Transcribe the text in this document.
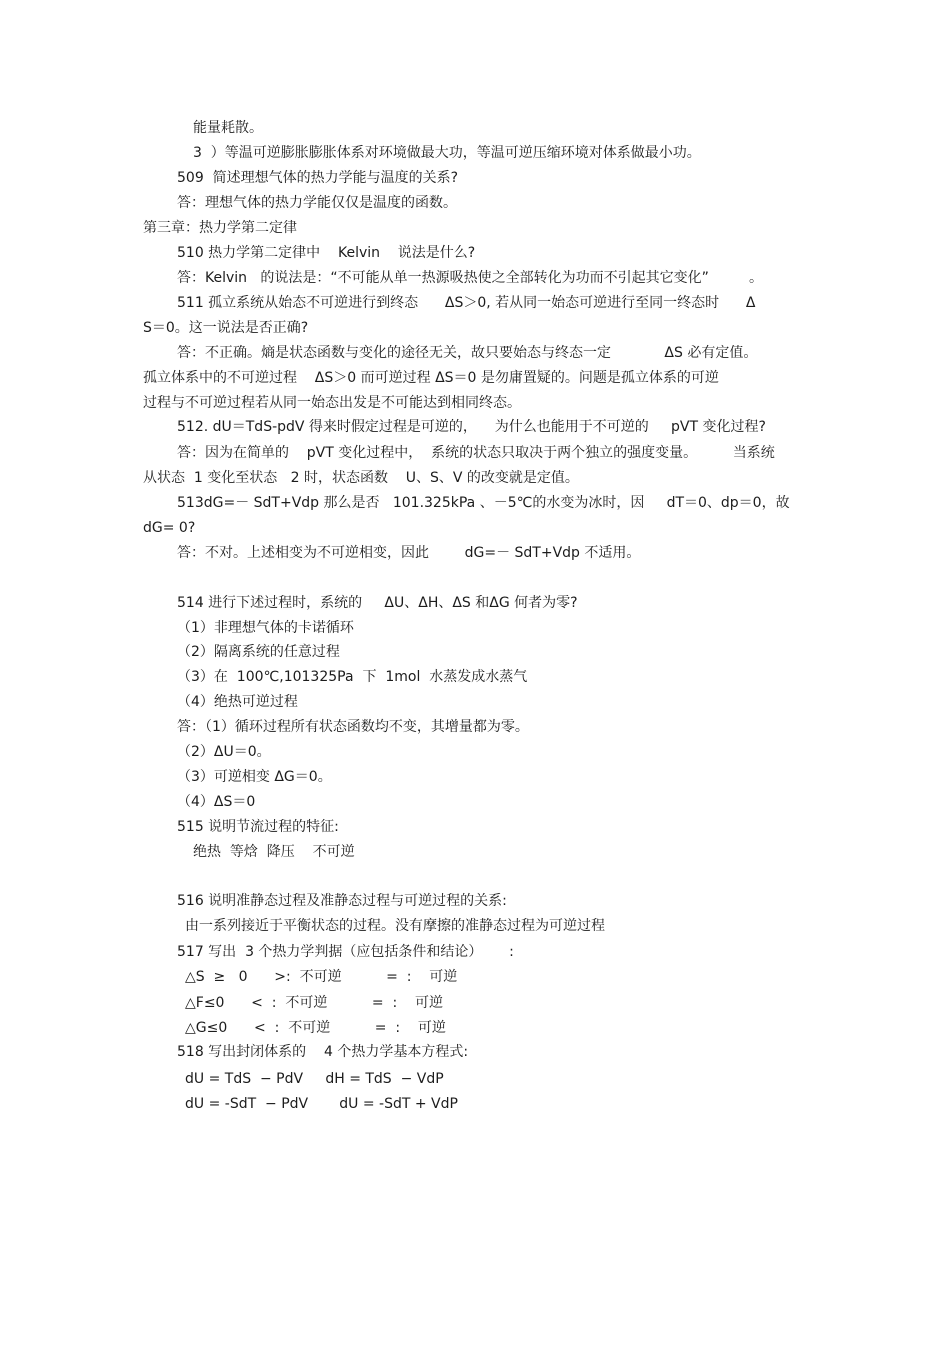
能量耗散。
3  ）等温可逆膨胀膨胀体系对环境做最大功，等温可逆压缩环境对体系做最小功。
509  简述理想气体的热力学能与温度的关系?
答：理想气体的热力学能仅仅是温度的函数。
第三章：热力学第二定律
510 热力学第二定律中    Kelvin    说法是什么?
答：Kelvin   的说法是：“不可能从单一热源吸热使之全部转化为功而不引起其它变化”         。
511 孤立系统从始态不可逆进行到终态      ΔS＞0, 若从同一始态可逆进行至同一终态时      Δ
S＝0。这一说法是否正确?
答：不正确。熵是状态函数与变化的途径无关，故只要始态与终态一定            ΔS 必有定值。
孤立体系中的不可逆过程    ΔS＞0 而可逆过程 ΔS＝0 是勿庸置疑的。问题是孤立体系的可逆
过程与不可逆过程若从同一始态出发是不可能达到相同终态。
512. dU＝TdS-pdV 得来时假定过程是可逆的，    为什么也能用于不可逆的     pVT 变化过程?
答：因为在简单的    pVT 变化过程中，  系统的状态只取决于两个独立的强度变量。        当系统
从状态  1 变化至状态   2 时，状态函数    U、S、V 的改变就是定值。
513dG=－ SdT+Vdp 那么是否   101.325kPa 、－5℃的水变为冰时，因     dT＝0、dp＝0，故
dG= 0?
答：不对。上述相变为不可逆相变，因此        dG=－ SdT+Vdp 不适用。
514 进行下述过程时，系统的     ΔU、ΔH、ΔS 和ΔG 何者为零?
（1）非理想气体的卡诺循环
（2）隔离系统的任意过程
（3）在  100℃,101325Pa  下  1mol  水蒸发成水蒸气
（4）绝热可逆过程
答：（1）循环过程所有状态函数均不变，其增量都为零。
（2）ΔU＝0。
（3）可逆相变 ΔG＝0。
（4）ΔS＝0
515 说明节流过程的特征:
绝热  等焓  降压    不可逆
516 说明准静态过程及准静态过程与可逆过程的关系:
由一系列接近于平衡状态的过程。没有摩擦的准静态过程为可逆过程
517 写出  3 个热力学判据（应包括条件和结论）      :
△S  ≥   0      >:  不可逆          =  :    可逆
△F≤0      <  :  不可逆          =  :    可逆
△G≤0      <  :  不可逆          =  :    可逆
518 写出封闭体系的    4 个热力学基本方程式:
dU = TdS  − PdV     dH = TdS  − VdP
dU = -SdT  − PdV       dU = -SdT + VdP
